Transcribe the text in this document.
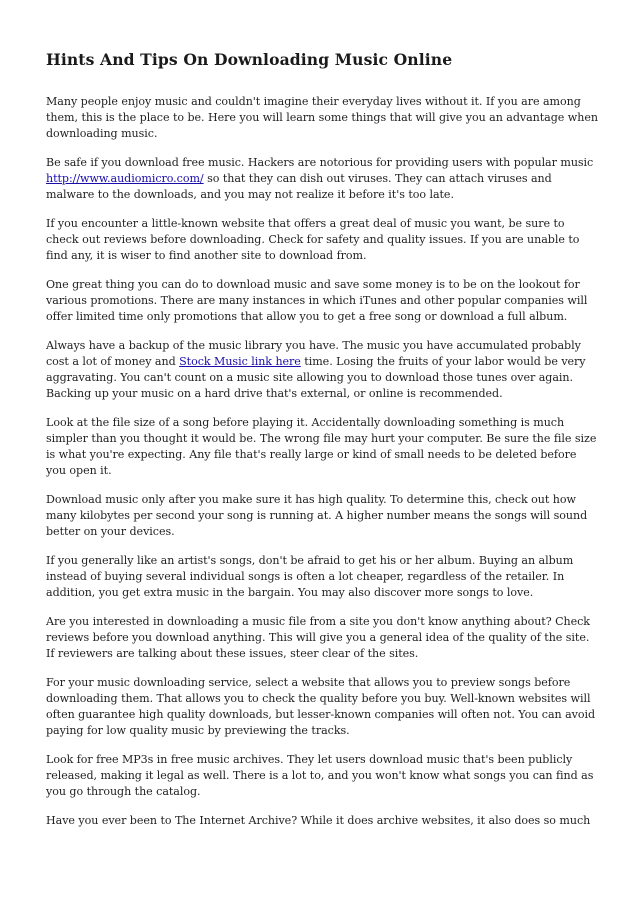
Hints And Tips On Downloading Music Online

Many people enjoy music and couldn't imagine their everyday lives without it. If you are among them, this is the place to be. Here you will learn some things that will give you an advantage when downloading music.

Be safe if you download free music. Hackers are notorious for providing users with popular music http://www.audiomicro.com/ so that they can dish out viruses. They can attach viruses and malware to the downloads, and you may not realize it before it's too late.

If you encounter a little-known website that offers a great deal of music you want, be sure to check out reviews before downloading. Check for safety and quality issues. If you are unable to find any, it is wiser to find another site to download from.

One great thing you can do to download music and save some money is to be on the lookout for various promotions. There are many instances in which iTunes and other popular companies will offer limited time only promotions that allow you to get a free song or download a full album.

Always have a backup of the music library you have. The music you have accumulated probably cost a lot of money and Stock Music link here time. Losing the fruits of your labor would be very aggravating. You can't count on a music site allowing you to download those tunes over again. Backing up your music on a hard drive that's external, or online is recommended.

Look at the file size of a song before playing it. Accidentally downloading something is much simpler than you thought it would be. The wrong file may hurt your computer. Be sure the file size is what you're expecting. Any file that's really large or kind of small needs to be deleted before you open it.

Download music only after you make sure it has high quality. To determine this, check out how many kilobytes per second your song is running at. A higher number means the songs will sound better on your devices.

If you generally like an artist's songs, don't be afraid to get his or her album. Buying an album instead of buying several individual songs is often a lot cheaper, regardless of the retailer. In addition, you get extra music in the bargain. You may also discover more songs to love.

Are you interested in downloading a music file from a site you don't know anything about? Check reviews before you download anything. This will give you a general idea of the quality of the site. If reviewers are talking about these issues, steer clear of the sites.

For your music downloading service, select a website that allows you to preview songs before downloading them. That allows you to check the quality before you buy. Well-known websites will often guarantee high quality downloads, but lesser-known companies will often not. You can avoid paying for low quality music by previewing the tracks.

Look for free MP3s in free music archives. They let users download music that's been publicly released, making it legal as well. There is a lot to, and you won't know what songs you can find as you go through the catalog.

Have you ever been to The Internet Archive? While it does archive websites, it also does so much
